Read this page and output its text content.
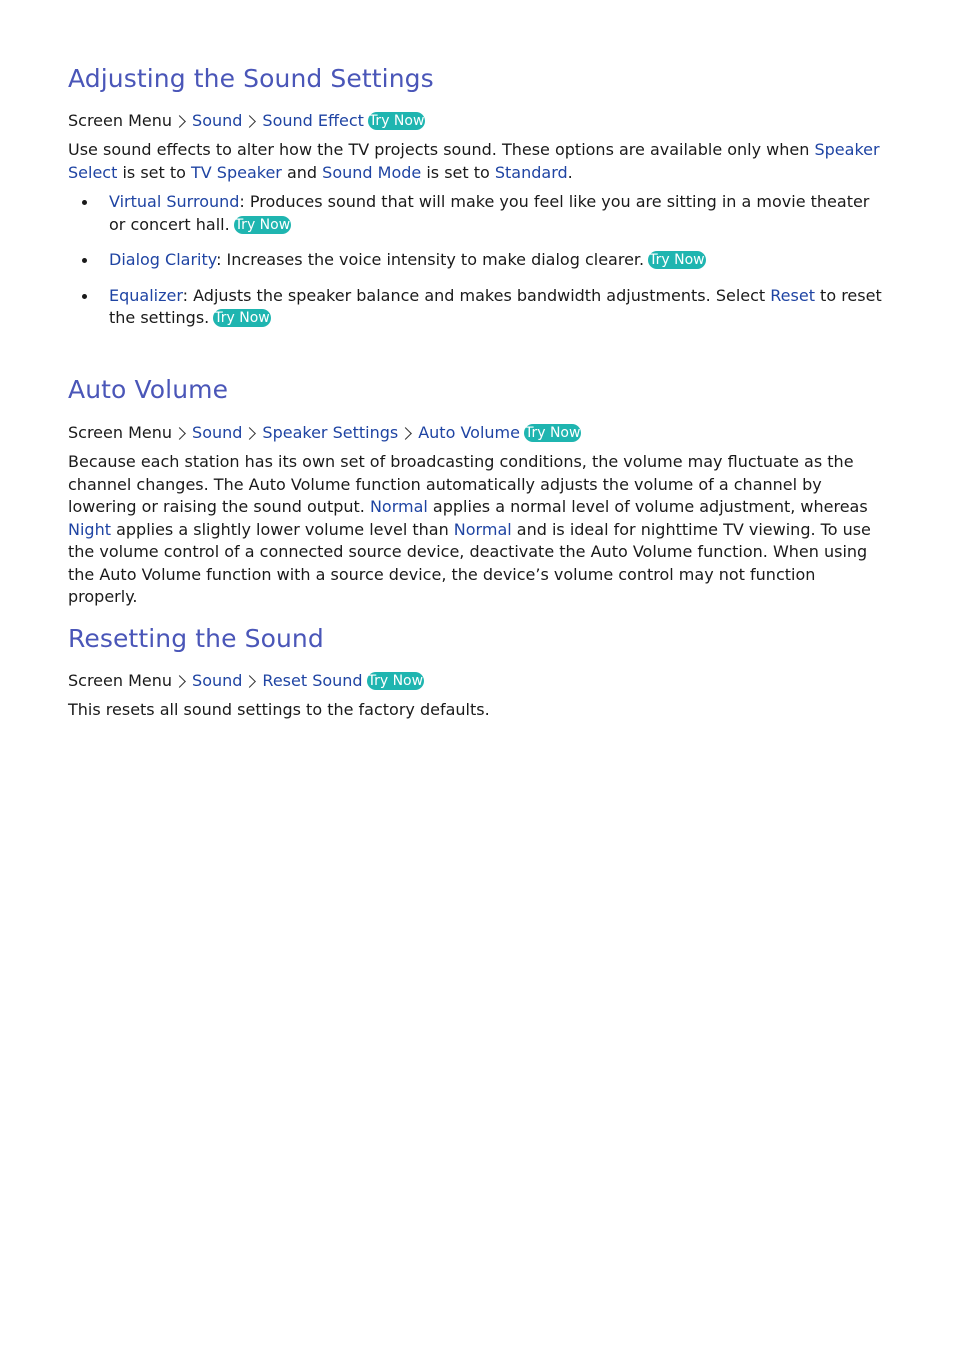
Adjusting the Sound Settings

Screen Menu Sound Sound Effect Try Now

Use sound effects to alter how the TV projects sound. These options are available only when Speaker Select is set to TV Speaker and Sound Mode is set to Standard.

Virtual Surround: Produces sound that will make you feel like you are sitting in a movie theater or concert hall. Try Now
Dialog Clarity: Increases the voice intensity to make dialog clearer. Try Now
Equalizer: Adjusts the speaker balance and makes bandwidth adjustments. Select Reset to reset the settings. Try Now
Auto Volume

Screen Menu Sound Speaker Settings Auto Volume Try Now

Because each station has its own set of broadcasting conditions, the volume may fluctuate as the channel changes. The Auto Volume function automatically adjusts the volume of a channel by lowering or raising the sound output. Normal applies a normal level of volume adjustment, whereas Night applies a slightly lower volume level than Normal and is ideal for nighttime TV viewing. To use the volume control of a connected source device, deactivate the Auto Volume function. When using the Auto Volume function with a source device, the device’s volume control may not function properly.

Resetting the Sound

Screen Menu Sound Reset Sound Try Now

This resets all sound settings to the factory defaults.
